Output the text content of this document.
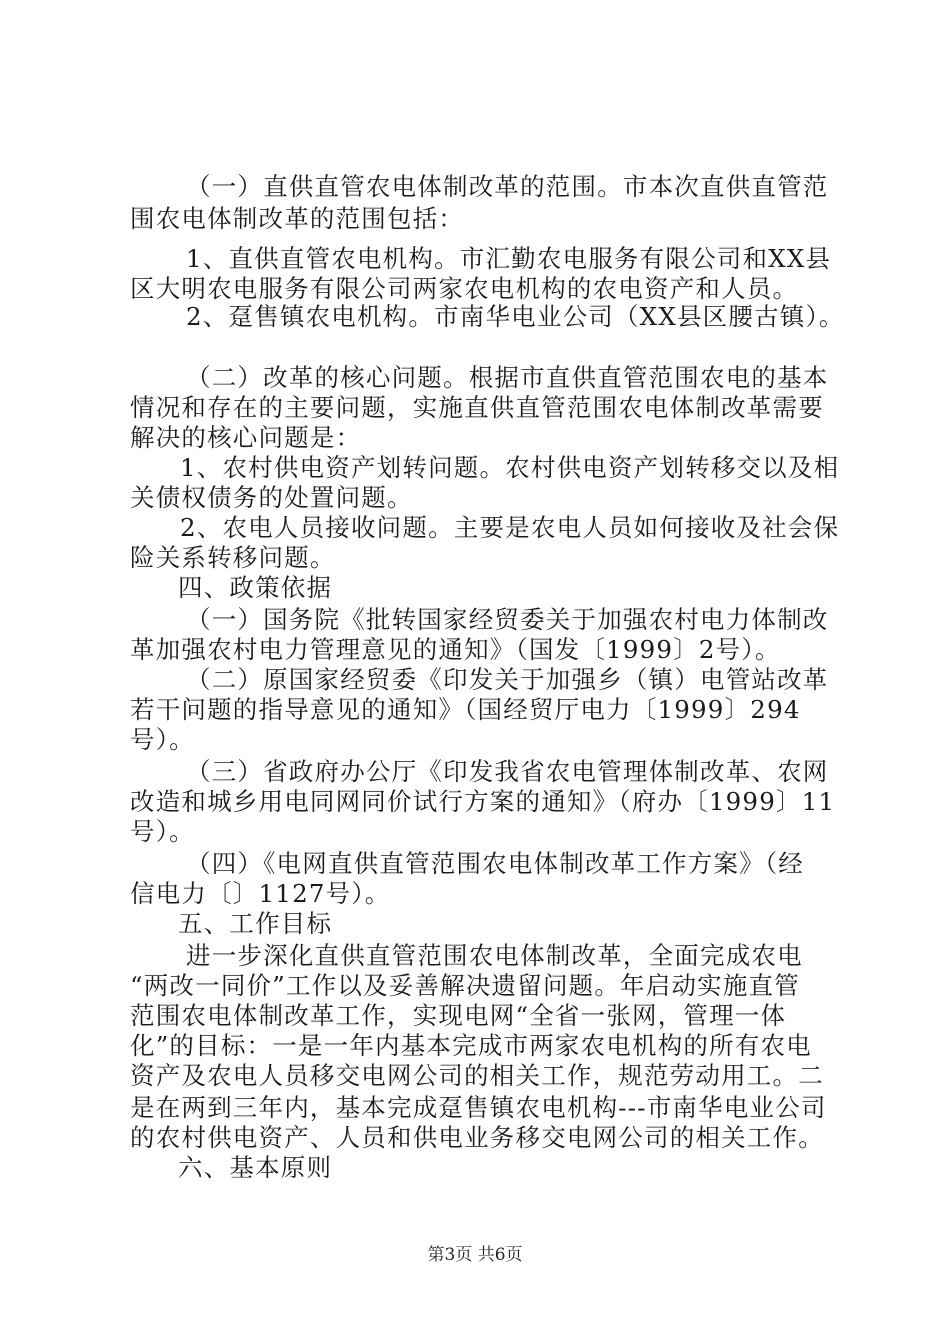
（一）直供直管农电体制改革的范围。市本次直供直管范
围农电体制改革的范围包括：
1、直供直管农电机构。市汇勤农电服务有限公司和XX县
区大明农电服务有限公司两家农电机构的农电资产和人员。
2、趸售镇农电机构。市南华电业公司（XX县区腰古镇）。
（二）改革的核心问题。根据市直供直管范围农电的基本
情况和存在的主要问题，实施直供直管范围农电体制改革需要
解决的核心问题是：
1、农村供电资产划转问题。农村供电资产划转移交以及相
关债权债务的处置问题。
2、农电人员接收问题。主要是农电人员如何接收及社会保
险关系转移问题。
四、政策依据
（一）国务院《批转国家经贸委关于加强农村电力体制改
革加强农村电力管理意见的通知》（国发〔1999〕2号）。
（二）原国家经贸委《印发关于加强乡（镇）电管站改革
若干问题的指导意见的通知》（国经贸厅电力〔1999〕294
号）。
（三）省政府办公厅《印发我省农电管理体制改革、农网
改造和城乡用电同网同价试行方案的通知》（府办〔1999〕11
号）。
（四）《电网直供直管范围农电体制改革工作方案》（经
信电力〔〕1127号）。
五、工作目标
进一步深化直供直管范围农电体制改革，全面完成农电
“两改一同价”工作以及妥善解决遗留问题。年启动实施直管
范围农电体制改革工作，实现电网“全省一张网，管理一体
化”的目标：一是一年内基本完成市两家农电机构的所有农电
资产及农电人员移交电网公司的相关工作，规范劳动用工。二
是在两到三年内，基本完成趸售镇农电机构---市南华电业公司
的农村供电资产、人员和供电业务移交电网公司的相关工作。
六、基本原则
第3页 共6页
